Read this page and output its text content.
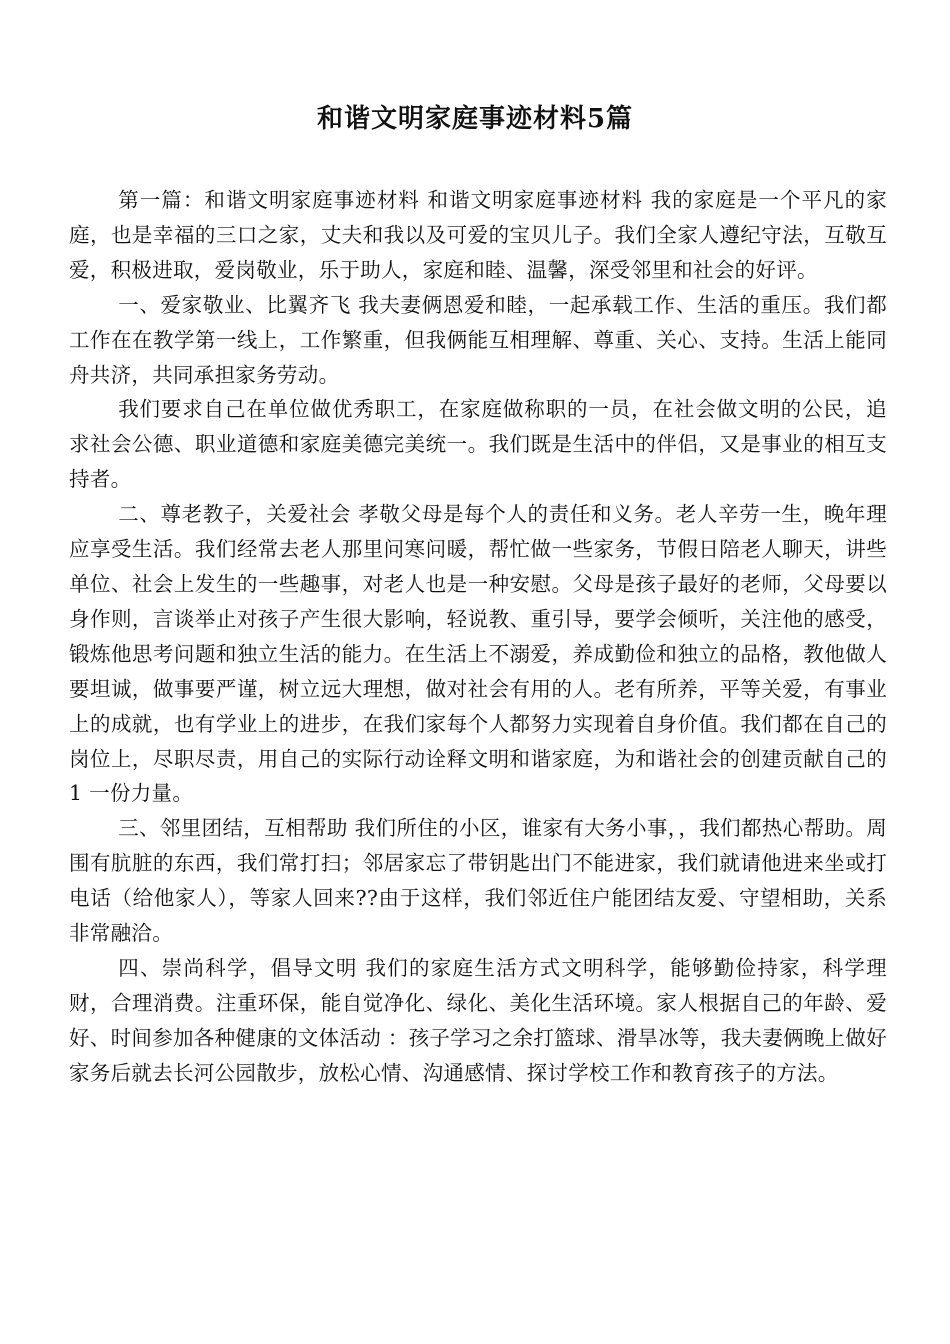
和谐文明家庭事迹材料5篇

第一篇：和谐文明家庭事迹材料 和谐文明家庭事迹材料 我的家庭是一个平凡的家庭，也是幸福的三口之家，丈夫和我以及可爱的宝贝儿子。我们全家人遵纪守法，互敬互爱，积极进取，爱岗敬业，乐于助人，家庭和睦、温馨，深受邻里和社会的好评。

一、爱家敬业、比翼齐飞 我夫妻俩恩爱和睦，一起承载工作、生活的重压。我们都工作在在教学第一线上，工作繁重，但我俩能互相理解、尊重、关心、支持。生活上能同舟共济，共同承担家务劳动。

我们要求自己在单位做优秀职工，在家庭做称职的一员，在社会做文明的公民，追求社会公德、职业道德和家庭美德完美统一。我们既是生活中的伴侣，又是事业的相互支持者。

二、尊老教子，关爱社会 孝敬父母是每个人的责任和义务。老人辛劳一生，晚年理应享受生活。我们经常去老人那里问寒问暖，帮忙做一些家务，节假日陪老人聊天，讲些单位、社会上发生的一些趣事，对老人也是一种安慰。父母是孩子最好的老师，父母要以身作则，言谈举止对孩子产生很大影响，轻说教、重引导，要学会倾听，关注他的感受，锻炼他思考问题和独立生活的能力。在生活上不溺爱，养成勤俭和独立的品格，教他做人要坦诚，做事要严谨，树立远大理想，做对社会有用的人。老有所养，平等关爱，有事业上的成就，也有学业上的进步，在我们家每个人都努力实现着自身价值。我们都在自己的岗位上，尽职尽责，用自己的实际行动诠释文明和谐家庭，为和谐社会的创建贡献自己的 1 一份力量。

三、邻里团结，互相帮助 我们所住的小区，谁家有大务小事，，我们都热心帮助。周围有肮脏的东西，我们常打扫；邻居家忘了带钥匙出门不能进家，我们就请他进来坐或打电话（给他家人），等家人回来??由于这样，我们邻近住户能团结友爱、守望相助，关系非常融洽。

四、崇尚科学，倡导文明 我们的家庭生活方式文明科学，能够勤俭持家，科学理财，合理消费。注重环保，能自觉净化、绿化、美化生活环境。家人根据自己的年龄、爱好、时间参加各种健康的文体活动 ：孩子学习之余打篮球、滑旱冰等，我夫妻俩晚上做好家务后就去长河公园散步，放松心情、沟通感情、探讨学校工作和教育孩子的方法。
